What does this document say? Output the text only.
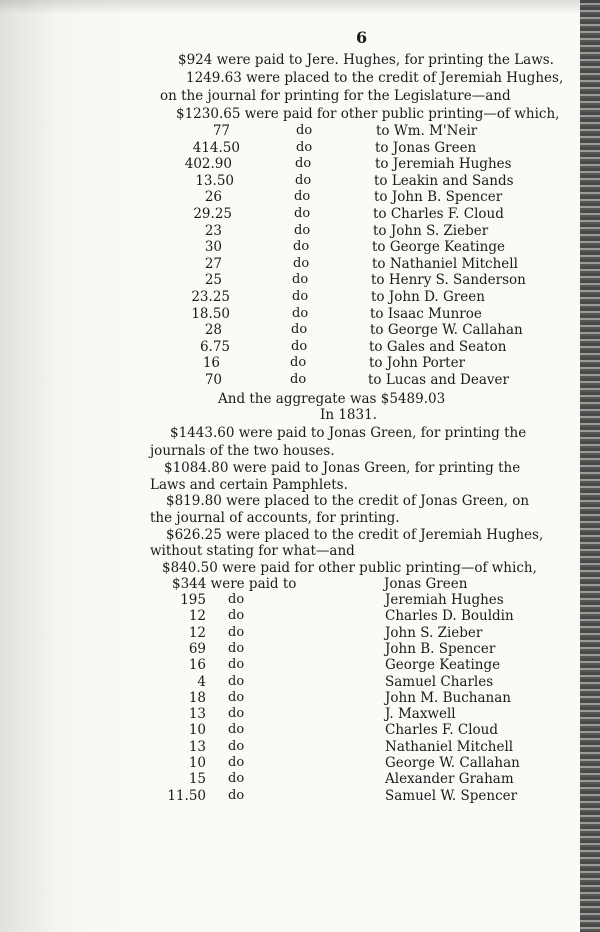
6
$924 were paid to Jere. Hughes, for printing the Laws.
1249.63 were placed to the credit of Jeremiah Hughes,
on the journal for printing for the Legislature—and
$1230.65 were paid for other public printing—of which,
77	do	to Wm. M'Neir
414.50	do	to Jonas Green
402.90	do	to Jeremiah Hughes
13.50	do	to Leakin and Sands
26	do	to John B. Spencer
29.25	do	to Charles F. Cloud
23	do	to John S. Zieber
30	do	to George Keatinge
27	do	to Nathaniel Mitchell
25	do	to Henry S. Sanderson
23.25	do	to John D. Green
18.50	do	to Isaac Munroe
28	do	to George W. Callahan
6.75	do	to Gales and Seaton
16	do	to John Porter
70	do	to Lucas and Deaver
And the aggregate was $5489.03
In 1831.
$1443.60 were paid to Jonas Green, for printing the
journals of the two houses.
$1084.80 were paid to Jonas Green, for printing the
Laws and certain Pamphlets.
$819.80 were placed to the credit of Jonas Green, on
the journal of accounts, for printing.
$626.25 were placed to the credit of Jeremiah Hughes,
without stating for what—and
$840.50 were paid for other public printing—of which,
$344 were paid to	Jonas Green
195 do	Jeremiah Hughes
12 do	Charles D. Bouldin
12 do	John S. Zieber
69 do	John B. Spencer
16 do	George Keatinge
4 do	Samuel Charles
18 do	John M. Buchanan
13 do	J. Maxwell
10 do	Charles F. Cloud
13 do	Nathaniel Mitchell
10 do	George W. Callahan
15 do	Alexander Graham
11.50 do	Samuel W. Spencer
